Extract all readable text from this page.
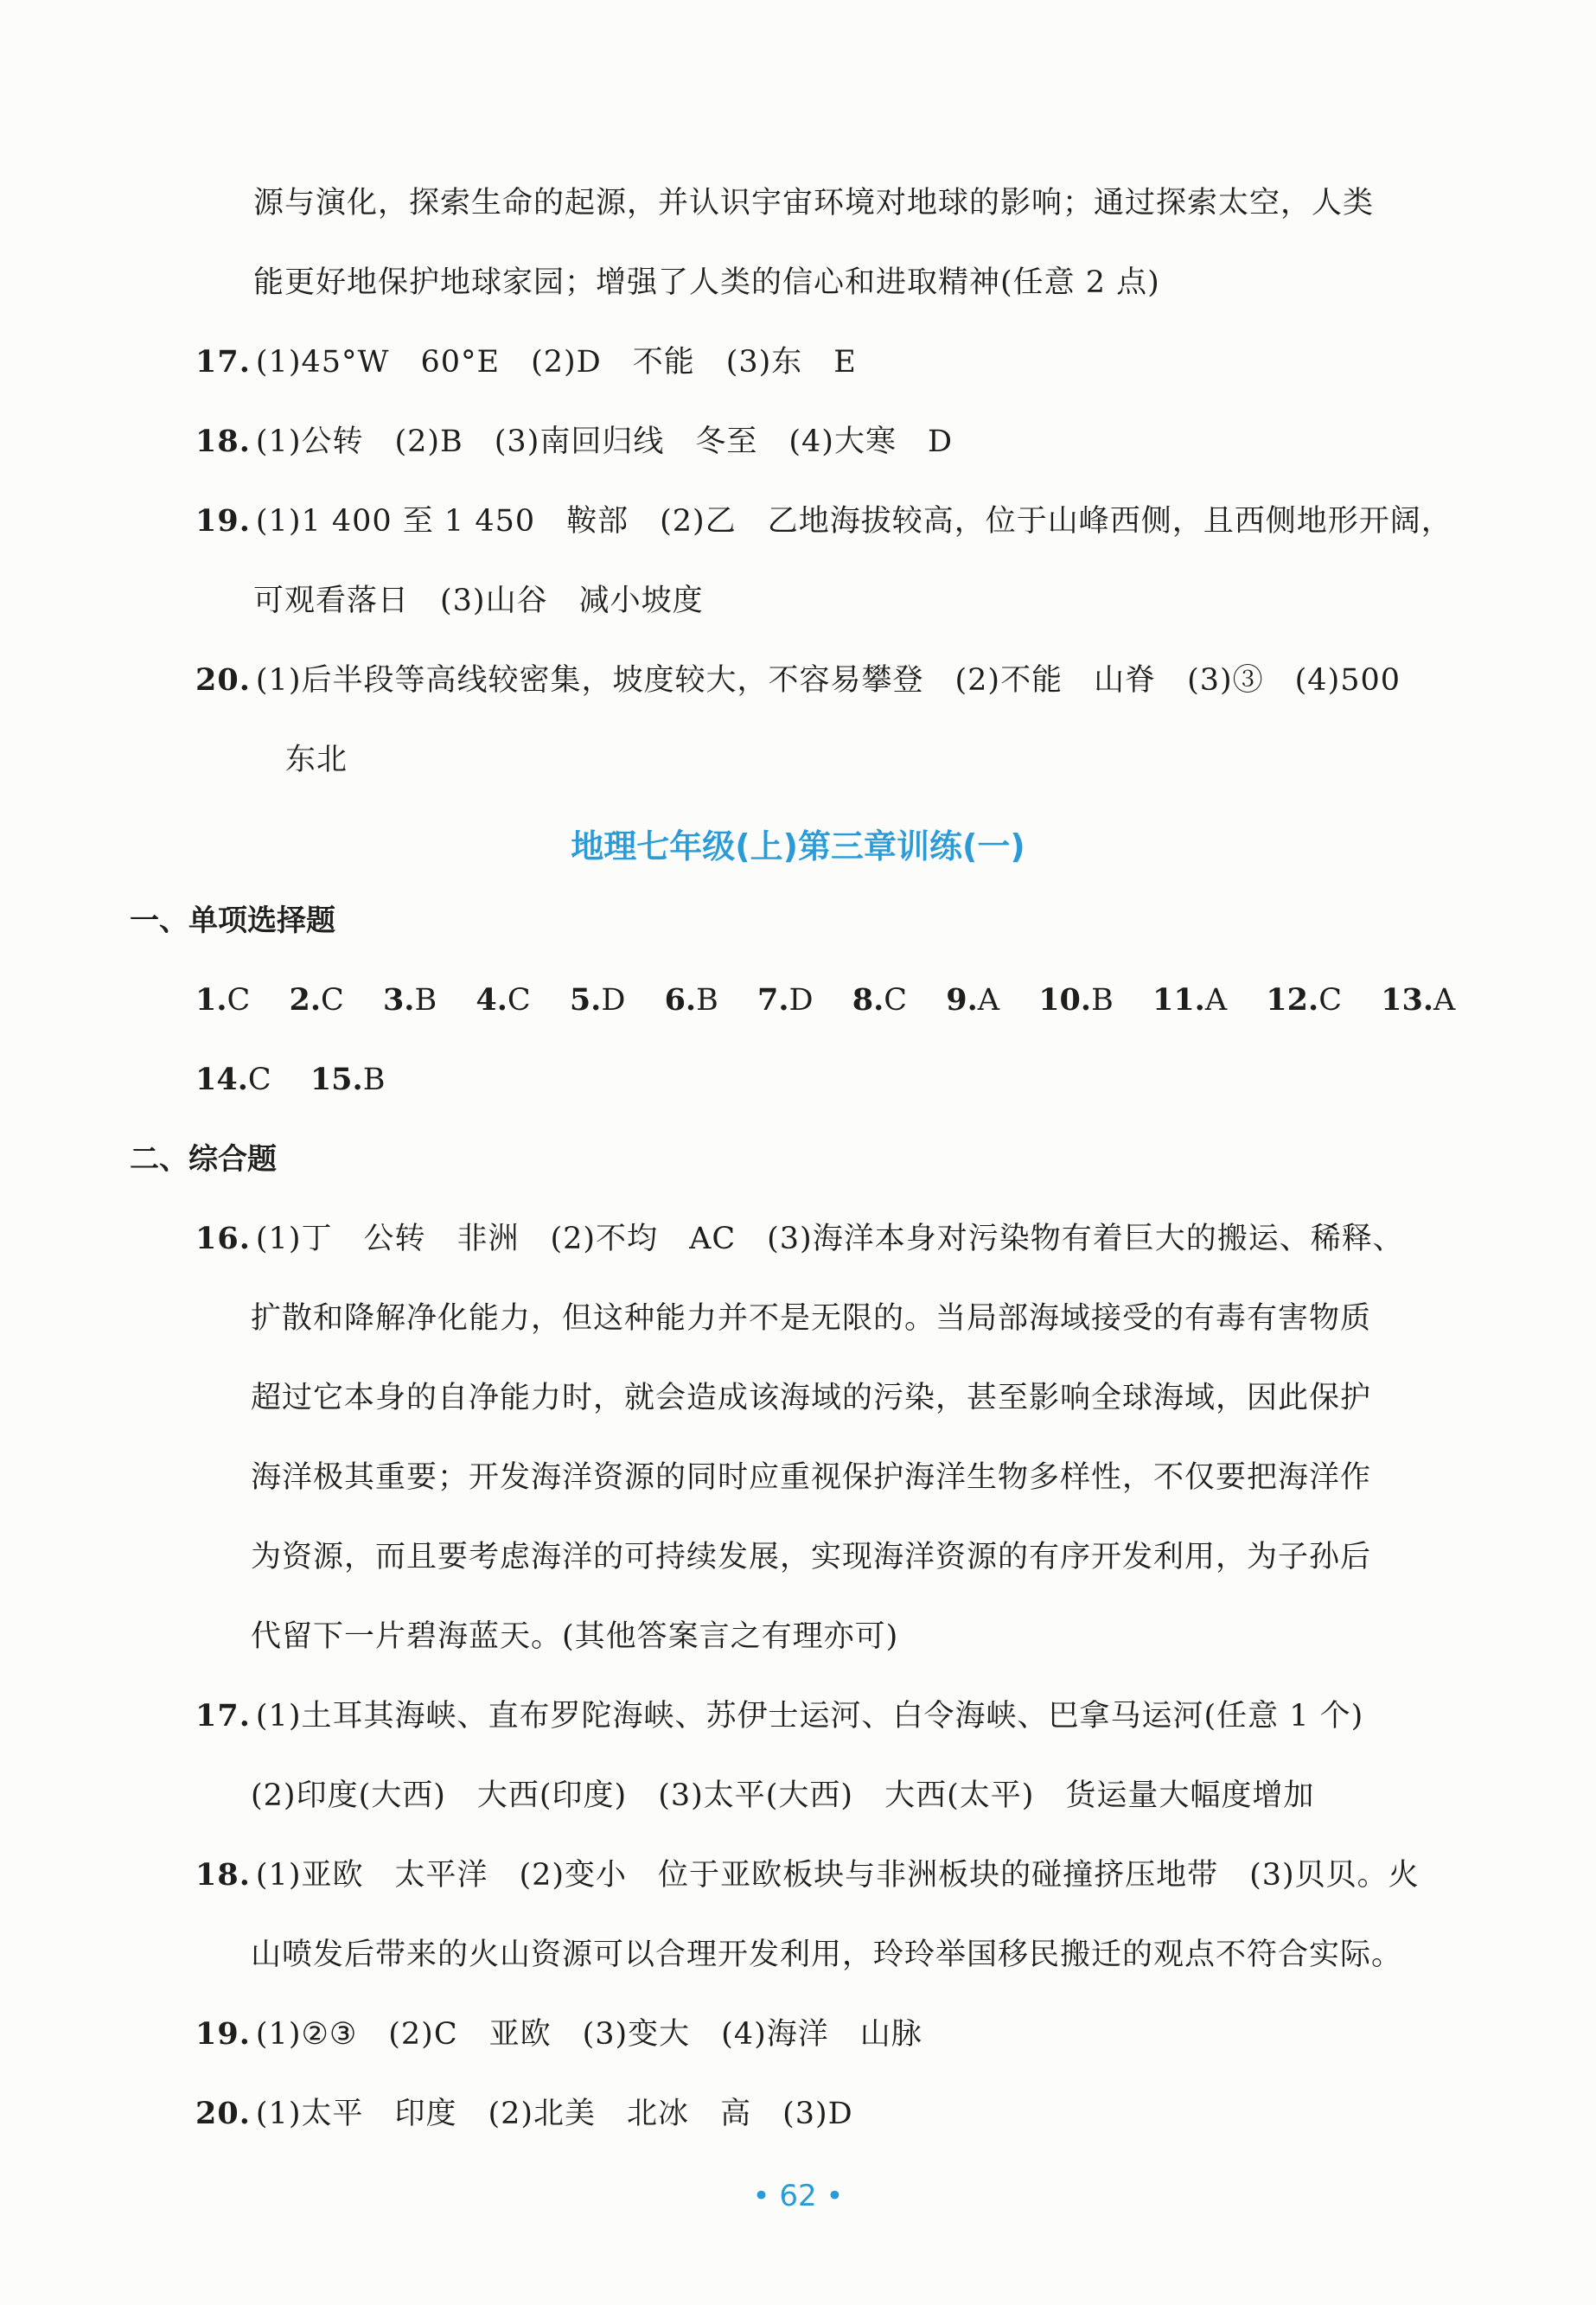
源与演化，探索生命的起源，并认识宇宙环境对地球的影响；通过探索太空，人类
能更好地保护地球家园；增强了人类的信心和进取精神(任意 2 点)
17. (1)45°W　60°E　(2)D　不能　(3)东　E
18. (1)公转　(2)B　(3)南回归线　冬至　(4)大寒　D
19. (1)1 400 至 1 450　鞍部　(2)乙　乙地海拔较高，位于山峰西侧，且西侧地形开阔，
可观看落日　(3)山谷　减小坡度
20. (1)后半段等高线较密集，坡度较大，不容易攀登　(2)不能　山脊　(3)③　(4)500
东北
地理七年级(上)第三章训练(一)
一、单项选择题
1.C 2.C 3.B 4.C 5.D 6.B 7.D 8.C 9.A 10.B 11.A 12.C 13.A
14.C 15.B
二、综合题
16. (1)丁　公转　非洲　(2)不均　AC　(3)海洋本身对污染物有着巨大的搬运、稀释、
扩散和降解净化能力，但这种能力并不是无限的。当局部海域接受的有毒有害物质
超过它本身的自净能力时，就会造成该海域的污染，甚至影响全球海域，因此保护
海洋极其重要；开发海洋资源的同时应重视保护海洋生物多样性，不仅要把海洋作
为资源，而且要考虑海洋的可持续发展，实现海洋资源的有序开发利用，为子孙后
代留下一片碧海蓝天。(其他答案言之有理亦可)
17. (1)土耳其海峡、直布罗陀海峡、苏伊士运河、白令海峡、巴拿马运河(任意 1 个)
(2)印度(大西)　大西(印度)　(3)太平(大西)　大西(太平)　货运量大幅度增加
18. (1)亚欧　太平洋　(2)变小　位于亚欧板块与非洲板块的碰撞挤压地带　(3)贝贝。火
山喷发后带来的火山资源可以合理开发利用，玲玲举国移民搬迁的观点不符合实际。
19. (1)②③　(2)C　亚欧　(3)变大　(4)海洋　山脉
20. (1)太平　印度　(2)北美　北冰　高　(3)D
• 62 •
